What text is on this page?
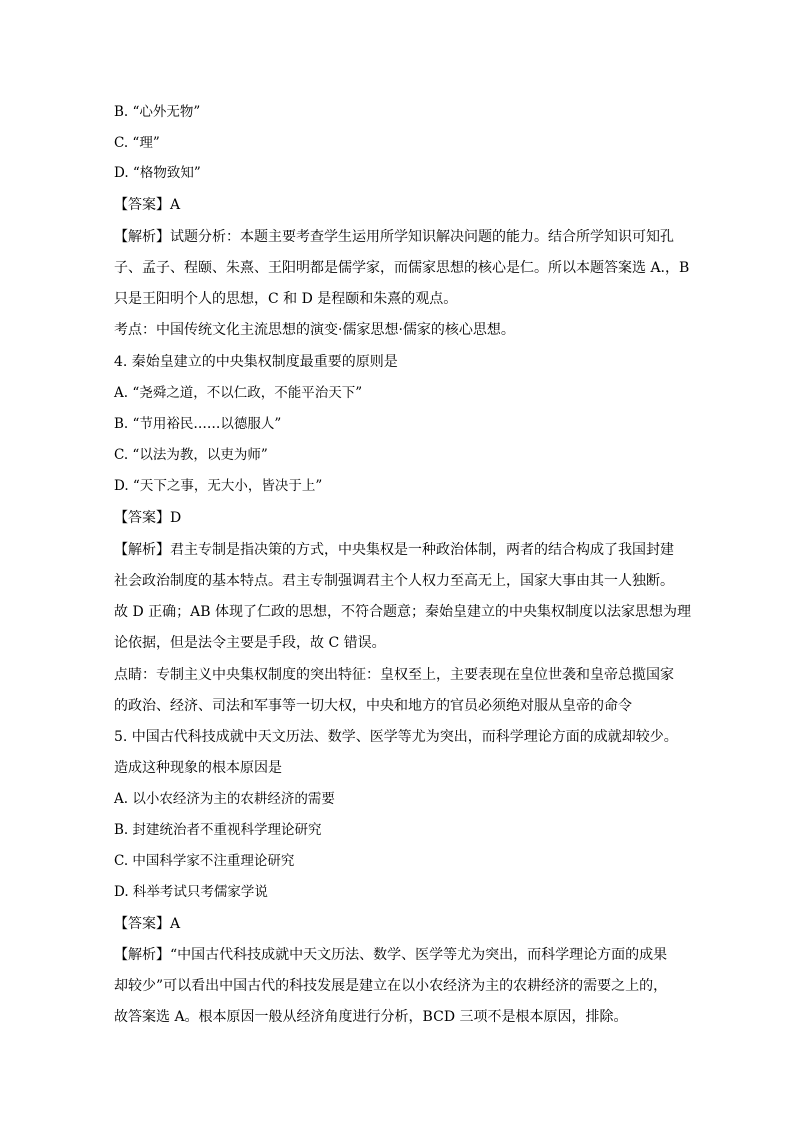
B. “心外无物”
C. “理”
D. “格物致知”
【答案】A
【解析】试题分析：本题主要考查学生运用所学知识解决问题的能力。结合所学知识可知孔
子、孟子、程颐、朱熹、王阳明都是儒学家，而儒家思想的核心是仁。所以本题答案选 A.，B
只是王阳明个人的思想，C 和 D 是程颐和朱熹的观点。
考点：中国传统文化主流思想的演变·儒家思想·儒家的核心思想。
4. 秦始皇建立的中央集权制度最重要的原则是
A. “尧舜之道，不以仁政，不能平治天下”
B. “节用裕民……以德服人”
C. “以法为教，以吏为师”
D. “天下之事，无大小，皆决于上”
【答案】D
【解析】君主专制是指决策的方式，中央集权是一种政治体制，两者的结合构成了我国封建
社会政治制度的基本特点。君主专制强调君主个人权力至高无上，国家大事由其一人独断。
故 D 正确；AB 体现了仁政的思想，不符合题意；秦始皇建立的中央集权制度以法家思想为理
论依据，但是法令主要是手段，故 C 错误。
点睛：专制主义中央集权制度的突出特征：皇权至上，主要表现在皇位世袭和皇帝总揽国家
的政治、经济、司法和军事等一切大权，中央和地方的官员必须绝对服从皇帝的命令
5. 中国古代科技成就中天文历法、数学、医学等尤为突出，而科学理论方面的成就却较少。
造成这种现象的根本原因是
A. 以小农经济为主的农耕经济的需要
B. 封建统治者不重视科学理论研究
C. 中国科学家不注重理论研究
D. 科举考试只考儒家学说
【答案】A
【解析】“中国古代科技成就中天文历法、数学、医学等尤为突出，而科学理论方面的成果
却较少”可以看出中国古代的科技发展是建立在以小农经济为主的农耕经济的需要之上的，
故答案选 A。根本原因一般从经济角度进行分析，BCD 三项不是根本原因，排除。
